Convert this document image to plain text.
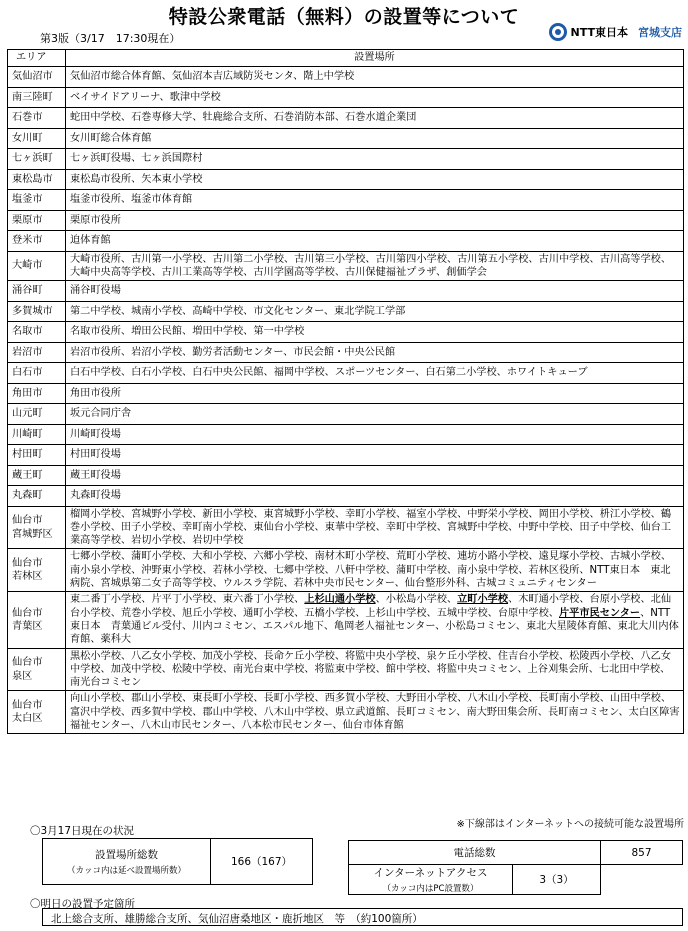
特設公衆電話（無料）の設置等について
第3版（3/17　17:30現在）	NTT東日本 宮城支店
エリア	設置場所
気仙沼市	気仙沼市総合体育館、気仙沼本吉広域防災センタ、階上中学校
南三陸町	ベイサイドアリーナ、歌津中学校
石巻市	蛇田中学校、石巻専修大学、牡鹿総合支所、石巻消防本部、石巻水道企業団
女川町	女川町総合体育館
七ヶ浜町	七ヶ浜町役場、七ヶ浜国際村
東松島市	東松島市役所、矢本東小学校
塩釜市	塩釜市役所、塩釜市体育館
栗原市	栗原市役所
登米市	迫体育館
大崎市	大崎市役所、古川第一小学校、古川第二小学校、古川第三小学校、古川第四小学校、古川第五小学校、古川中学校、古川高等学校、大崎中央高等学校、古川工業高等学校、古川学園高等学校、古川保健福祉プラザ、創価学会
涌谷町	涌谷町役場
多賀城市	第二中学校、城南小学校、高崎中学校、市文化センター、東北学院工学部
名取市	名取市役所、増田公民館、増田中学校、第一中学校
岩沼市	岩沼市役所、岩沼小学校、勤労者活動センター、市民会館・中央公民館
白石市	白石中学校、白石小学校、白石中央公民館、福岡中学校、スポーツセンター、白石第二小学校、ホワイトキューブ
角田市	角田市役所
山元町	坂元合同庁舎
川崎町	川崎町役場
村田町	村田町役場
蔵王町	蔵王町役場
丸森町	丸森町役場
仙台市
宮城野区	榴岡小学校、宮城野小学校、新田小学校、東宮城野小学校、幸町小学校、福室小学校、中野栄小学校、岡田小学校、枡江小学校、鶴巻小学校、田子小学校、幸町南小学校、東仙台小学校、東華中学校、幸町中学校、宮城野中学校、中野中学校、田子中学校、仙台工業高等学校、岩切小学校、岩切中学校
仙台市
若林区	七郷小学校、蒲町小学校、大和小学校、六郷小学校、南材木町小学校、荒町小学校、連坊小路小学校、遠見塚小学校、古城小学校、南小泉小学校、沖野東小学校、若林小学校、七郷中学校、八軒中学校、蒲町中学校、南小泉中学校、若林区役所、NTT東日本　東北病院、宮城県第二女子高等学校、ウルスラ学院、若林中央市民センター、仙台整形外科、古城コミュニティセンター
仙台市
青葉区	東二番丁小学校、片平丁小学校、東六番丁小学校、上杉山通小学校、小松島小学校、立町小学校、木町通小学校、台原小学校、北仙台小学校、荒巻小学校、旭丘小学校、通町小学校、五橋小学校、上杉山中学校、五城中学校、台原中学校、片平市民センター、NTT東日本　青葉通ビル受付、川内コミセン、エスパル地下、亀岡老人福祉センター、小松島コミセン、東北大星陵体育館、東北大川内体育館、薬科大
仙台市
泉区	黒松小学校、八乙女小学校、加茂小学校、長命ケ丘小学校、将監中央小学校、泉ケ丘小学校、住吉台小学校、松陵西小学校、八乙女中学校、加茂中学校、松陵中学校、南光台東中学校、将監東中学校、館中学校、将監中央コミセン、上谷刈集会所、七北田中学校、南光台コミセン
仙台市
太白区	向山小学校、郡山小学校、東長町小学校、長町小学校、西多賀小学校、大野田小学校、八木山小学校、長町南小学校、山田中学校、富沢中学校、西多賀中学校、郡山中学校、八木山中学校、県立武道館、長町コミセン、南大野田集会所、長町南コミセン、太白区障害福祉センター、八木山市民センター、八本松市民センター、仙台市体育館
〇3月17日現在の状況
※下線部はインターネットへの接続可能な設置場所
設置場所総数
（カッコ内は延べ設置場所数）
	166（167）
電話総数		857
インターネットアクセス
（カッコ内はPC設置数）	3（3）	
〇明日の設置予定箇所
北上総合支所、雄勝総合支所、気仙沼唐桑地区・鹿折地区　等　（約100箇所）
